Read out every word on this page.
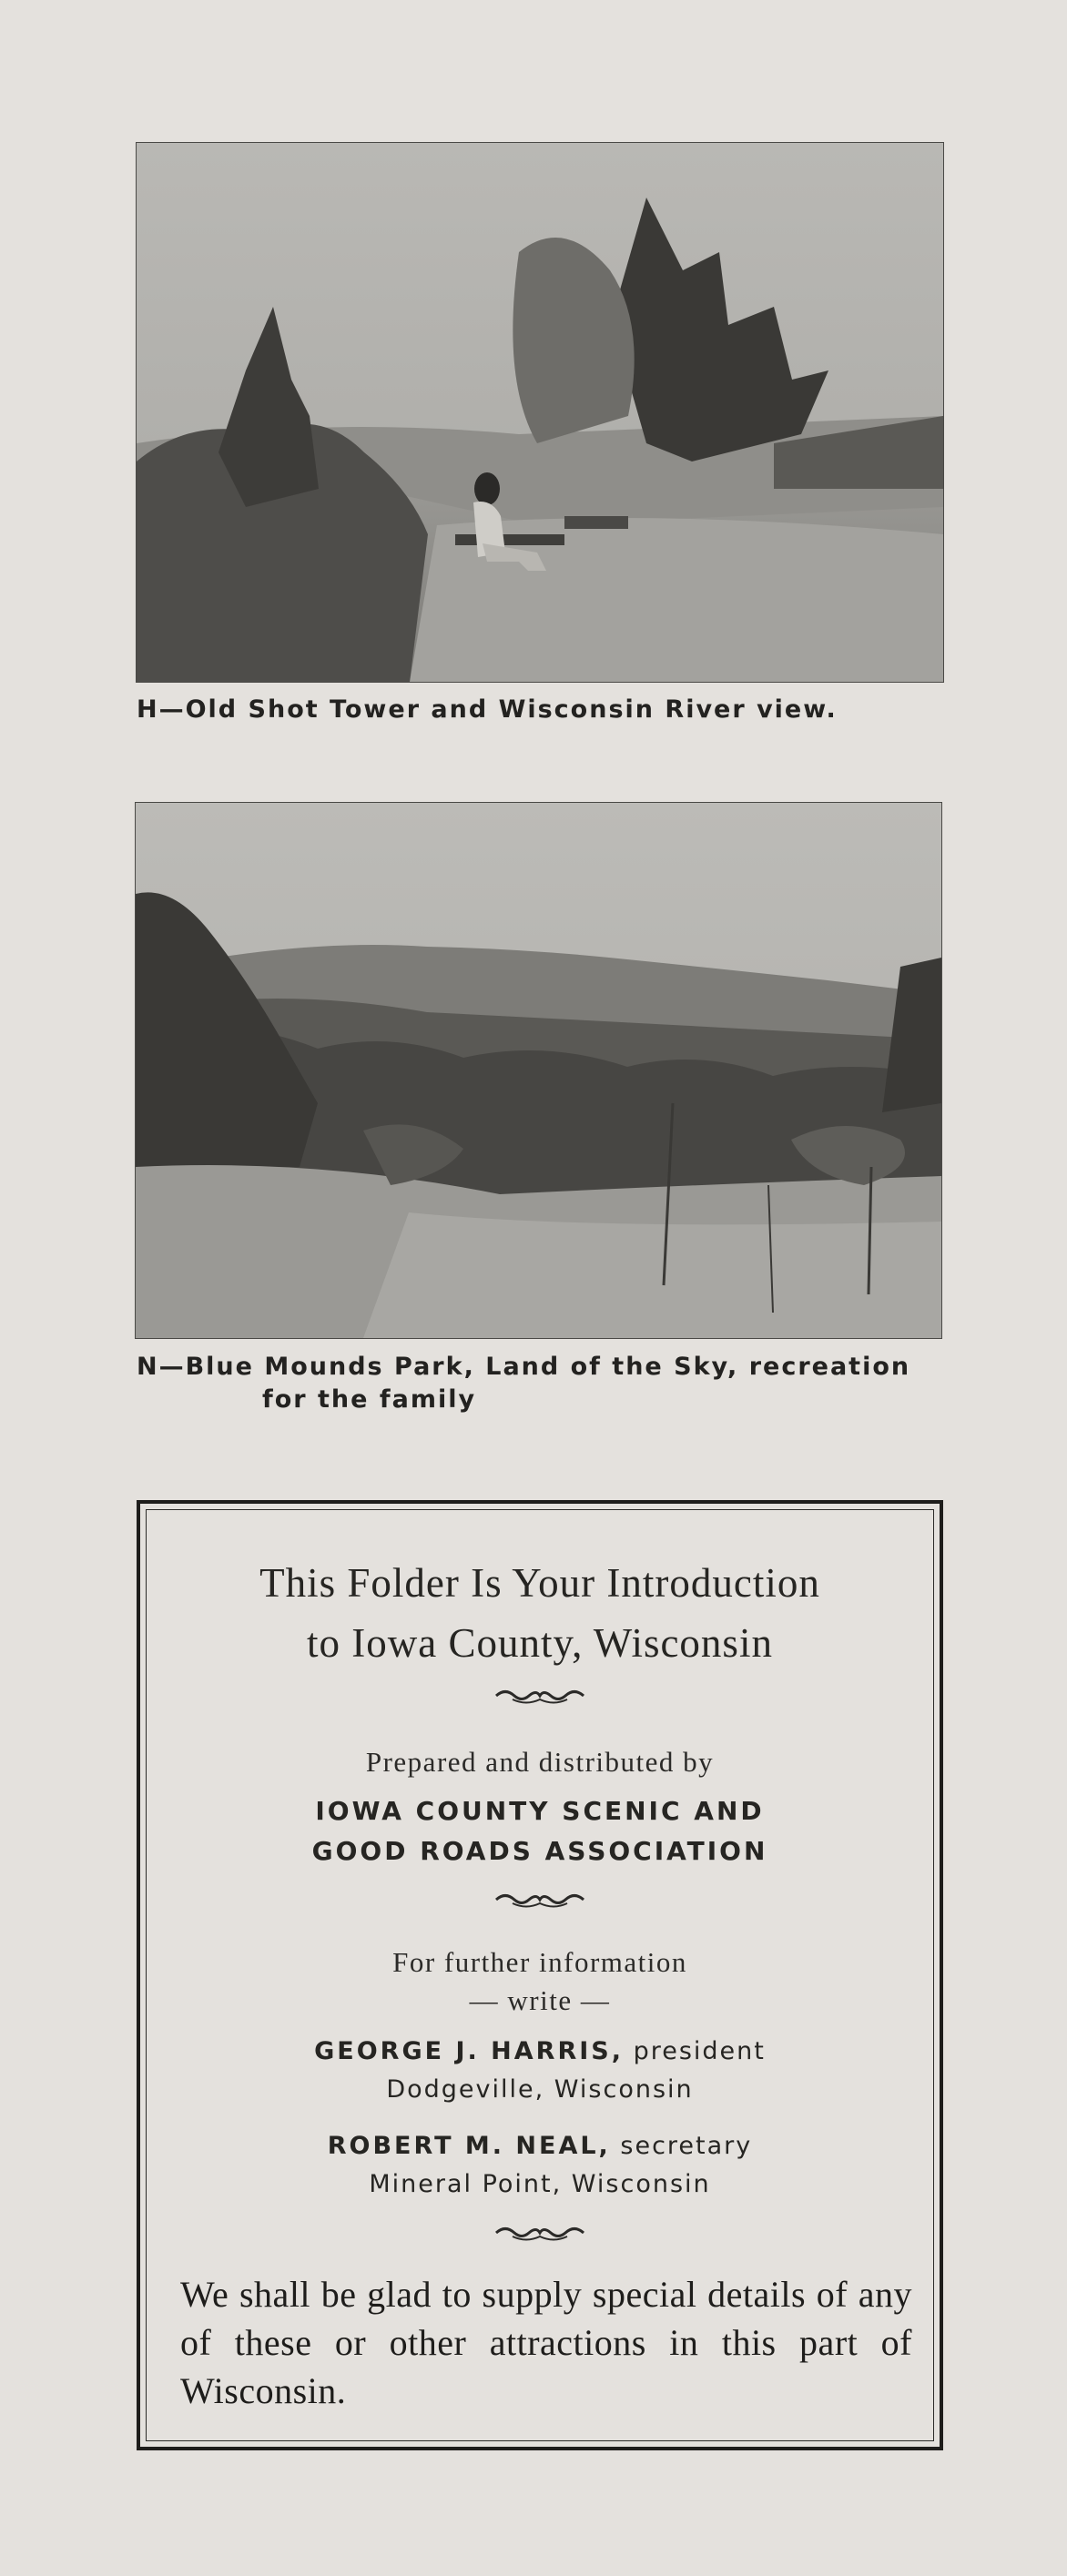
H—Old Shot Tower and Wisconsin River view.
N—Blue Mounds Park, Land of the Sky, recreation
for the family
This Folder Is Your Introduction
to Iowa County, Wisconsin
Prepared and distributed by
IOWA COUNTY SCENIC AND
GOOD ROADS ASSOCIATION
For further information
— write —
GEORGE J. HARRIS, president
Dodgeville, Wisconsin
ROBERT M. NEAL, secretary
Mineral Point, Wisconsin
We shall be glad to supply special details of any of these or other attractions in this part of Wisconsin.
